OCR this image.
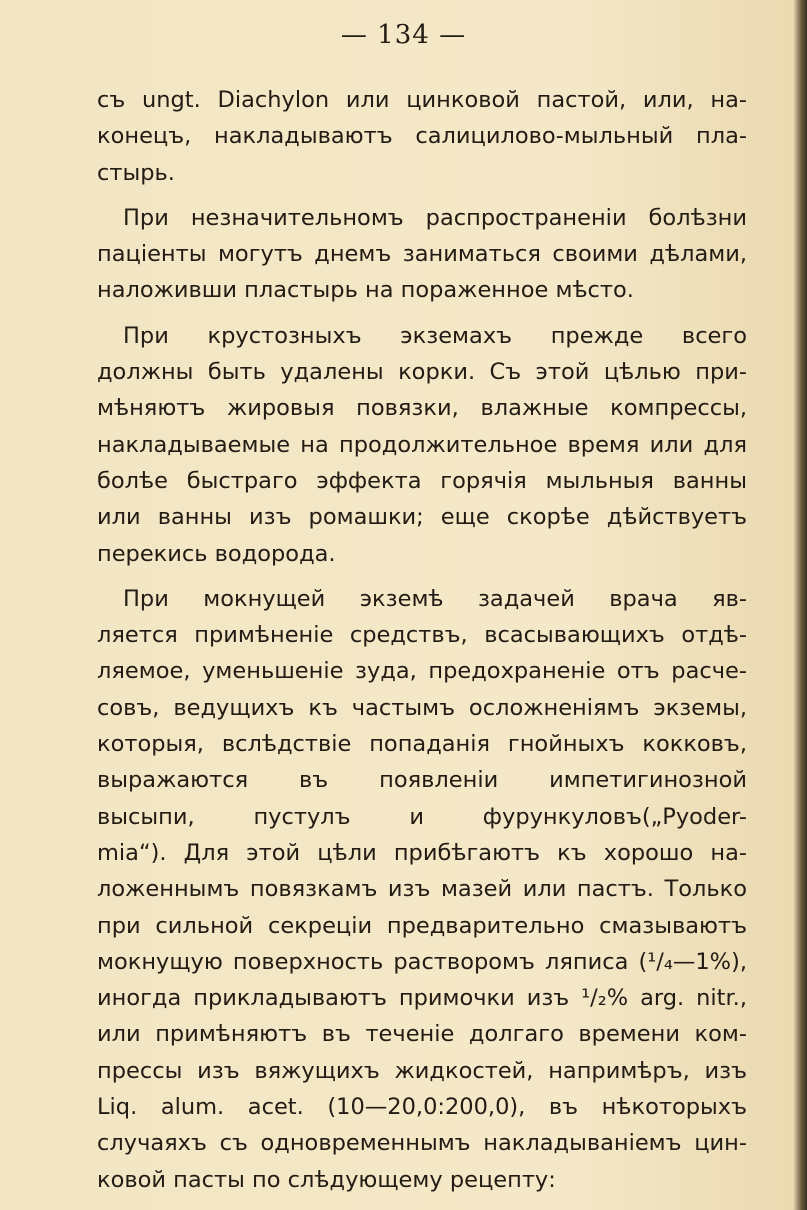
— 134 —
съ ungt. Diachylon или цинковой пастой, или, на-
конецъ, накладываютъ салицилово-мыльный пла-
стырь.
При незначительномъ распространеніи болѣзни
паціенты могутъ днемъ заниматься своими дѣлами,
наложивши пластырь на пораженное мѣсто.
При крустозныхъ экземахъ прежде всего
должны быть удалены корки. Съ этой цѣлью при-
мѣняютъ жировыя повязки, влажные компрессы,
накладываемые на продолжительное время или для
болѣе быстраго эффекта горячія мыльныя ванны
или ванны изъ ромашки; еще скорѣе дѣйствуетъ
перекись водорода.
При мокнущей экземѣ задачей врача яв-
ляется примѣненіе средствъ, всасывающихъ отдѣ-
ляемое, уменьшеніе зуда, предохраненіе отъ расче-
совъ, ведущихъ къ частымъ осложненіямъ экземы,
которыя, вслѣдствіе попаданія гнойныхъ кокковъ,
выражаются въ появленіи импетигинозной
высыпи, пустулъ и фурункуловъ(„Pyoder-
mia“). Для этой цѣли прибѣгаютъ къ хорошо на-
ложеннымъ повязкамъ изъ мазей или пастъ. Только
при сильной секреціи предварительно смазываютъ
мокнущую поверхность растворомъ ляписа (¹/₄—1%),
иногда прикладываютъ примочки изъ ¹/₂% arg. nitr.,
или примѣняютъ въ теченіе долгаго времени ком-
прессы изъ вяжущихъ жидкостей, напримѣръ, изъ
Liq. alum. acet. (10—20,0:200,0), въ нѣкоторыхъ
случаяхъ съ одновременнымъ накладываніемъ цин-
ковой пасты по слѣдующему рецепту:
